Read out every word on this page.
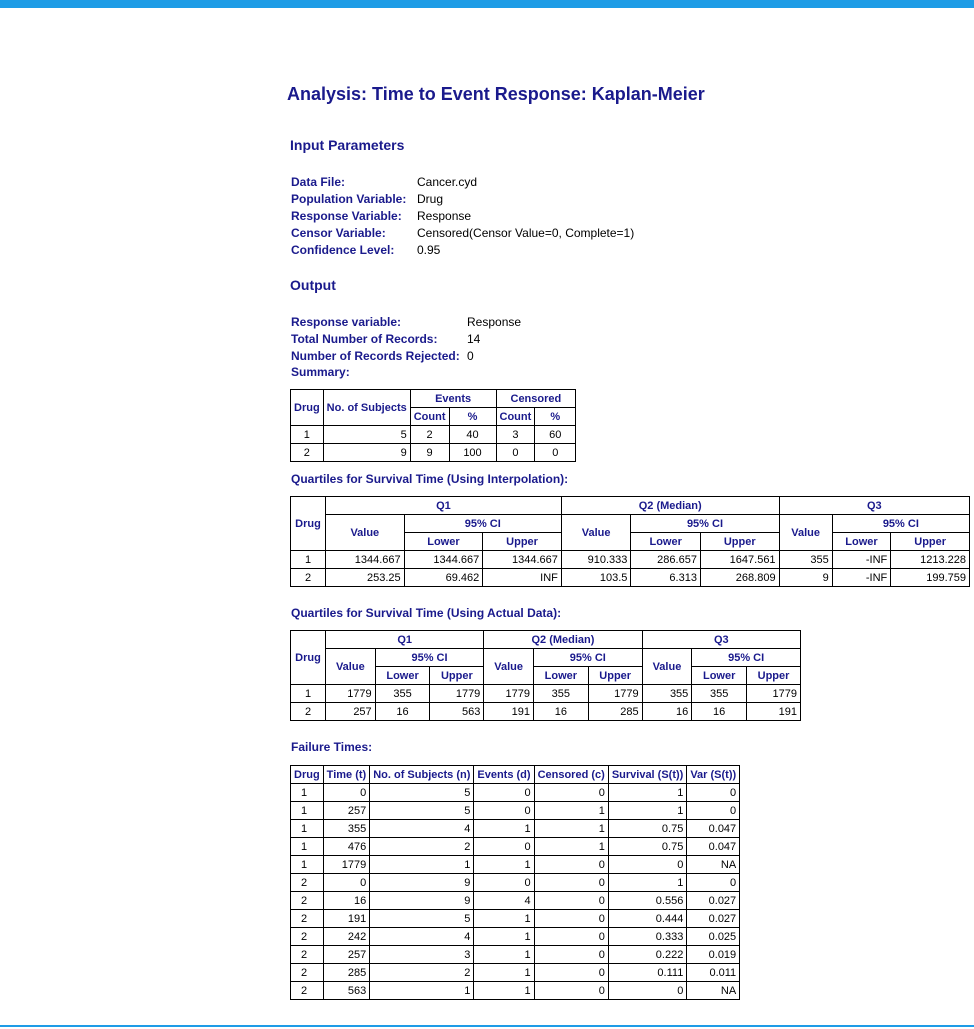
Analysis: Time to Event Response: Kaplan-Meier
Input Parameters
Data File:	Cancer.cyd
Population Variable: Drug
Response Variable: Response
Censor Variable:	Censored(Censor Value=0, Complete=1)
Confidence Level: 0.95
Output
Response variable:	Response
Total Number of Records: 14
Number of Records Rejected: 0
Summary:
Drug	No. of Subjects	Events		Censored	
		Count	%	Count	%
1	5	2	40	3	60
2	9	9	100	0	0
Quartiles for Survival Time (Using Interpolation):
Drug	Q1			Q2 (Median)			Q3		
	Value	95% CI		Value	95% CI		Value	95% CI	
		Lower	Upper		Lower	Upper		Lower	Upper
1	1344.667	1344.667	1344.667	910.333	286.657	1647.561	355	-INF	1213.228
2	253.25	69.462	INF	103.5	6.313	268.809	9	-INF	199.759
Quartiles for Survival Time (Using Actual Data):
Drug	Q1			Q2 (Median)			Q3		
	Value	95% CI		Value	95% CI		Value	95% CI	
		Lower	Upper		Lower	Upper		Lower	Upper
1	1779	355	1779	1779	355	1779	355	355	1779
2	257	16	563	191	16	285	16	16	191
Failure Times:
Drug	Time (t)	No. of Subjects (n)	Events (d)	Censored (c)	Survival (S(t))	Var (S(t))
1	0	5	0	0	1	0
1	257	5	0	1	1	0
1	355	4	1	1	0.75	0.047
1	476	2	0	1	0.75	0.047
1	1779	1	1	0	0	NA
2	0	9	0	0	1	0
2	16	9	4	0	0.556	0.027
2	191	5	1	0	0.444	0.027
2	242	4	1	0	0.333	0.025
2	257	3	1	0	0.222	0.019
2	285	2	1	0	0.111	0.011
2	563	1	1	0	0	NA
